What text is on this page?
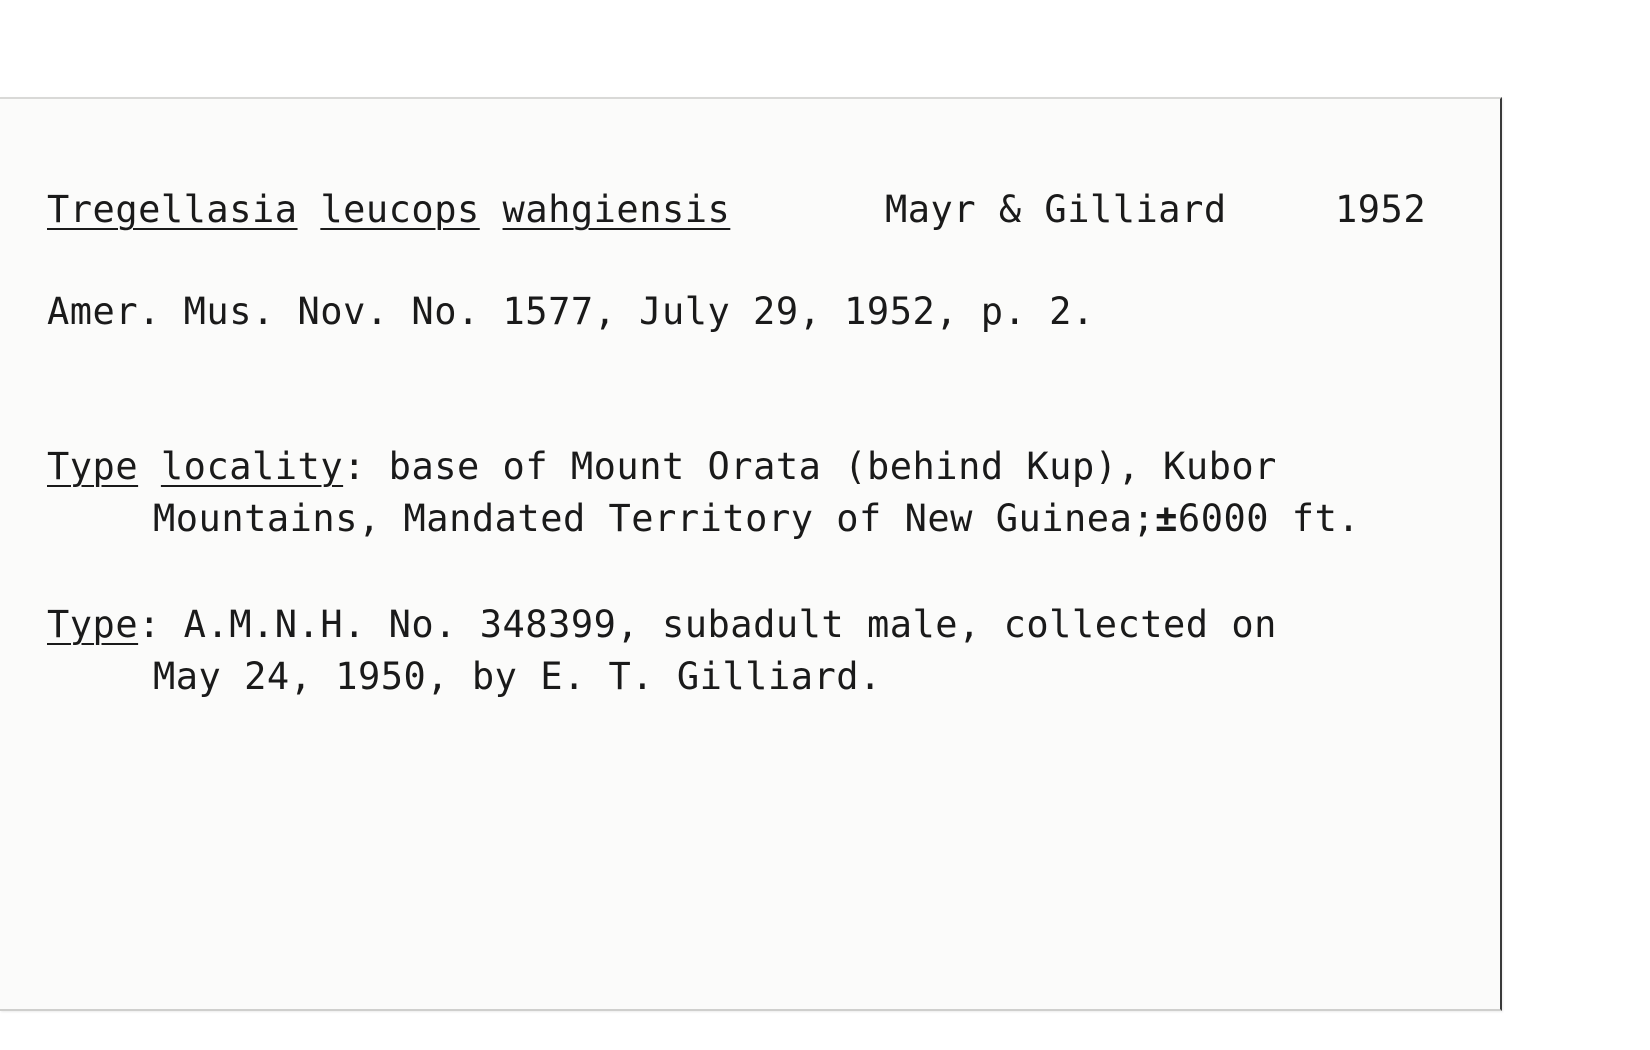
Tregellasia leucops wahgiensis	Mayr & Gilliard	1952
Amer. Mus. Nov. No. 1577, July 29, 1952, p. 2.
Type locality: base of Mount Orata (behind Kup), Kubor
Mountains, Mandated Territory of New Guinea;±6000 ft.
Type: A.M.N.H. No. 348399, subadult male, collected on
May 24, 1950, by E. T. Gilliard.
